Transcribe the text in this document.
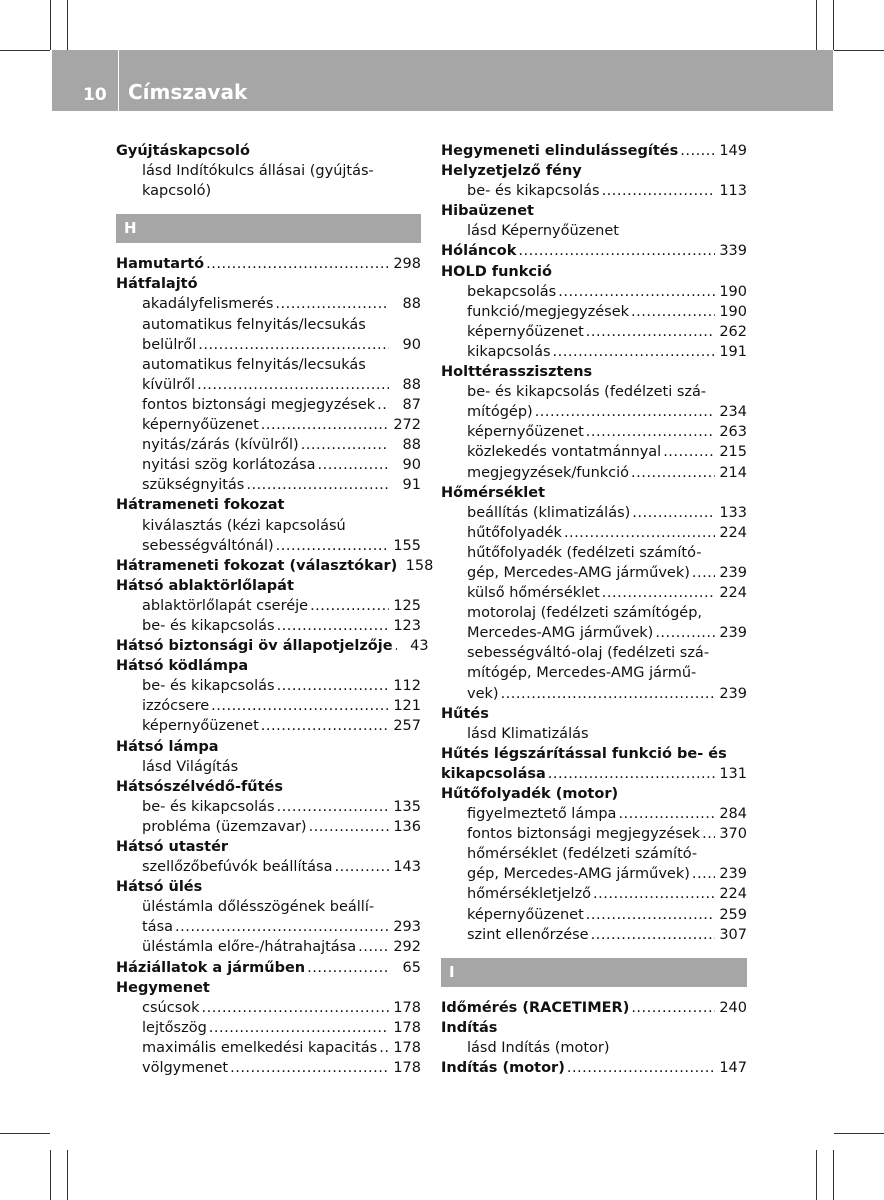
10 Címszavak
Gyújtáskapcsoló
lásd Indítókulcs állásai (gyújtás-
kapcsoló)
H
Hamutartó .....	298
Hátfalajtó
akadályfelismerés .....	88
automatikus felnyitás/lecsukás
belülről .....	90
automatikus felnyitás/lecsukás
kívülről .....	88
fontos biztonsági megjegyzések .....	87
képernyőüzenet .....	272
nyitás/zárás (kívülről) .....	88
nyitási szög korlátozása .....	90
szükségnyitás .....	91
Hátrameneti fokozat
kiválasztás (kézi kapcsolású
sebességváltónál) .....	155
Hátrameneti fokozat (választókar) ..... 158
Hátsó ablaktörlőlapát
ablaktörlőlapát cseréje .....	125
be- és kikapcsolás .....	123
Hátsó biztonsági öv állapotjelzője .....	43
Hátsó ködlámpa
be- és kikapcsolás .....	112
izzócsere .....	121
képernyőüzenet .....	257
Hátsó lámpa
lásd Világítás
Hátsószélvédő-fűtés
be- és kikapcsolás .....	135
probléma (üzemzavar) .....	136
Hátsó utastér
szellőzőbefúvók beállítása .....	143
Hátsó ülés
üléstámla dőlésszögének beállí-
tása .....	293
üléstámla előre-/hátrahajtása .....	292
Háziállatok a járműben .....	65
Hegymenet
csúcsok .....	178
lejtőszög .....	178
maximális emelkedési kapacitás ..... 178
völgymenet .....	178
Hegymeneti elindulássegítés .....	149
Helyzetjelző fény
be- és kikapcsolás .....	113
Hibaüzenet
lásd Képernyőüzenet
Hóláncok .....	339
HOLD funkció
bekapcsolás .....	190
funkció/megjegyzések .....	190
képernyőüzenet .....	262
kikapcsolás .....	191
Holttérasszisztens
be- és kikapcsolás (fedélzeti szá-
mítógép) .....	234
képernyőüzenet .....	263
közlekedés vontatmánnyal .....	215
megjegyzések/funkció .....	214
Hőmérséklet
beállítás (klimatizálás) .....	133
hűtőfolyadék .....	224
hűtőfolyadék (fedélzeti számító-
gép, Mercedes-AMG járművek) ..... 239
külső hőmérséklet .....	224
motorolaj (fedélzeti számítógép,
Mercedes-AMG járművek) .....	239
sebességváltó-olaj (fedélzeti szá-
mítógép, Mercedes-AMG jármű-
vek) .....	239
Hűtés
lásd Klimatizálás
Hűtés légszárítással funkció be- és
kikapcsolása .....	131
Hűtőfolyadék (motor)
figyelmeztető lámpa .....	284
fontos biztonsági megjegyzések ..... 370
hőmérséklet (fedélzeti számító-
gép, Mercedes-AMG járművek) ..... 239
hőmérsékletjelző .....	224
képernyőüzenet .....	259
szint ellenőrzése .....	307
I
Időmérés (RACETIMER) .....	240
Indítás
lásd Indítás (motor)
Indítás (motor) .....	147
